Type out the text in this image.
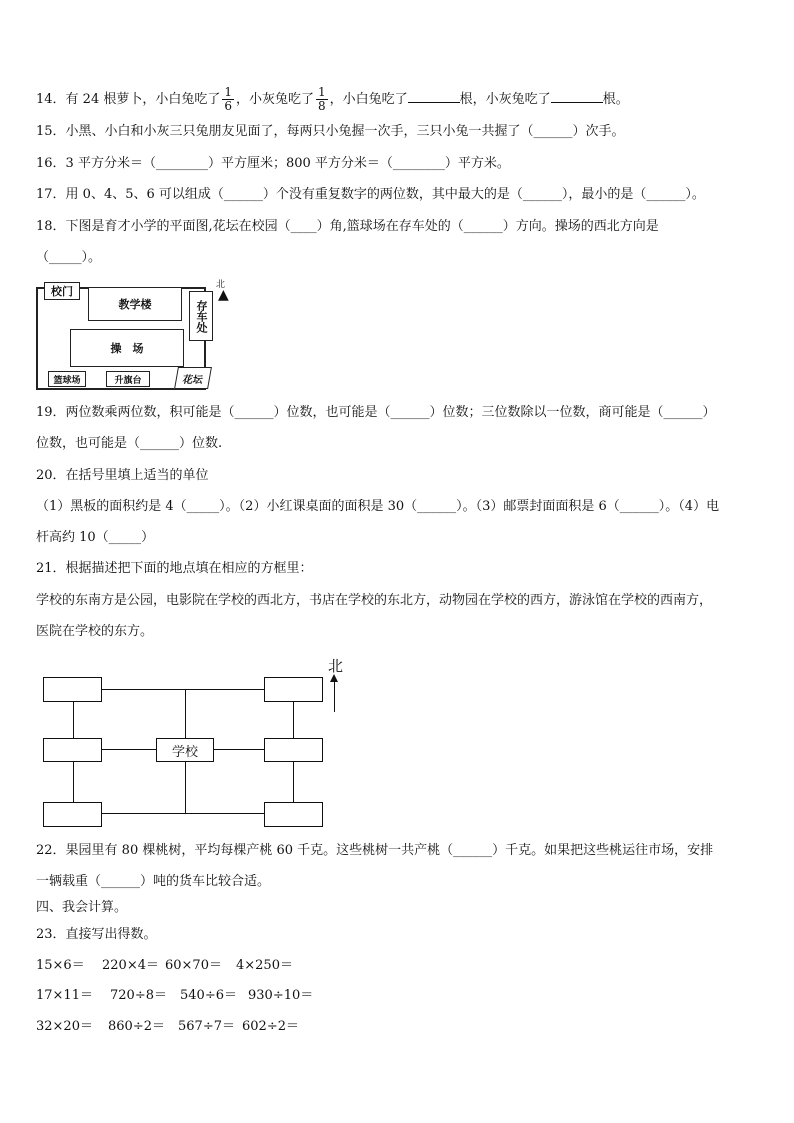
14．有 24 根萝卜，小白兔吃了 $\frac{1}{6}$ ，小灰兔吃了 $\frac{1}{8}$ ，小白兔吃了	根，小灰兔吃了	根。
15．小黑、小白和小灰三只兔朋友见面了，每两只小兔握一次手，三只小兔一共握了（______）次手。
16．3 平方分米＝（________）平方厘米；800 平方分米＝（________）平方米。
17．用 0、4、5、6 可以组成（______）个没有重复数字的两位数，其中最大的是（______），最小的是（______）。
18．下图是育才小学的平面图,花坛在校园（____）角,篮球场在存车处的（______）方向。操场的西北方向是
（_____）。
校门
教学楼	存车处
操　场
篮球场	升旗台	花坛
北
▲
19．两位数乘两位数，积可能是（______）位数，也可能是（______）位数；三位数除以一位数，商可能是（______）
位数，也可能是（______）位数.
20．在括号里填上适当的单位
（1）黑板的面积约是 4（_____）。（2）小红课桌面的面积是 30（______）。（3）邮票封面面积是 6（______）。（4）电
杆高约 10（_____）
21．根据描述把下面的地点填在相应的方框里：
学校的东南方是公园，电影院在学校的西北方，书店在学校的东北方，动物园在学校的西方，游泳馆在学校的西南方，
医院在学校的东方。
学校
北
22．果园里有 80 棵桃树，平均每棵产桃 60 千克。这些桃树一共产桃（______）千克。如果把这些桃运往市场，安排
一辆载重（______）吨的货车比较合适。
四、我会计算。
23．直接写出得数。
15×6＝ 220×4＝ 60×70＝ 4×250＝
17×11＝ 720÷8＝ 540÷6＝ 930÷10＝
32×20＝ 860÷2＝ 567÷7＝ 602÷2＝
